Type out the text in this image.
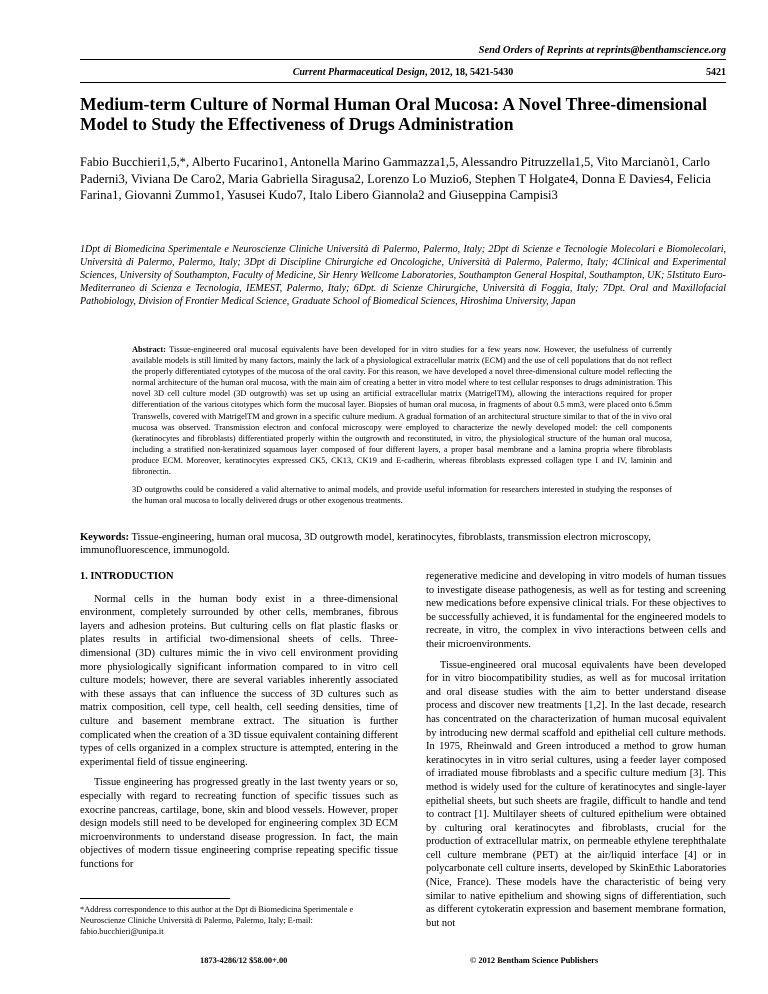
Send Orders of Reprints at reprints@benthamscience.org
Current Pharmaceutical Design, 2012, 18, 5421-5430	5421
Medium-term Culture of Normal Human Oral Mucosa: A Novel Three-dimensional Model to Study the Effectiveness of Drugs Administration
Fabio Bucchieri1,5,*, Alberto Fucarino1, Antonella Marino Gammazza1,5, Alessandro Pitruzzella1,5, Vito Marcianò1, Carlo Paderni3, Viviana De Caro2, Maria Gabriella Siragusa2, Lorenzo Lo Muzio6, Stephen T Holgate4, Donna E Davies4, Felicia Farina1, Giovanni Zummo1, Yasusei Kudo7, Italo Libero Giannola2 and Giuseppina Campisi3
1Dpt di Biomedicina Sperimentale e Neuroscienze Cliniche Università di Palermo, Palermo, Italy; 2Dpt di Scienze e Tecnologie Molecolari e Biomolecolari, Università di Palermo, Palermo, Italy; 3Dpt di Discipline Chirurgiche ed Oncologiche, Università di Palermo, Palermo, Italy; 4Clinical and Experimental Sciences, University of Southampton, Faculty of Medicine, Sir Henry Wellcome Laboratories, Southampton General Hospital, Southampton, UK; 5Istituto Euro-Mediterraneo di Scienza e Tecnologia, IEMEST, Palermo, Italy; 6Dpt. di Scienze Chirurgiche, Università di Foggia, Italy; 7Dpt. Oral and Maxillofacial Pathobiology, Division of Frontier Medical Science, Graduate School of Biomedical Sciences, Hiroshima University, Japan

Abstract: Tissue-engineered oral mucosal equivalents have been developed for in vitro studies for a few years now. However, the usefulness of currently available models is still limited by many factors, mainly the lack of a physiological extracellular matrix (ECM) and the use of cell populations that do not reflect the properly differentiated cytotypes of the mucosa of the oral cavity. For this reason, we have developed a novel three-dimensional culture model reflecting the normal architecture of the human oral mucosa, with the main aim of creating a better in vitro model where to test cellular responses to drugs administration. This novel 3D cell culture model (3D outgrowth) was set up using an artificial extracellular matrix (MatrigelTM), allowing the interactions required for proper differentiation of the various citotypes which form the mucosal layer. Biopsies of human oral mucosa, in fragments of about 0.5 mm3, were placed onto 6.5mm Transwells, covered with MatrigelTM and grown in a specific culture medium. A gradual formation of an architectural structure similar to that of the in vivo oral mucosa was observed. Transmission electron and confocal microscopy were employed to characterize the newly developed model: the cell components (keratinocytes and fibroblasts) differentiated properly within the outgrowth and reconstituted, in vitro, the physiological structure of the human oral mucosa, including a stratified non-keratinized squamous layer composed of four different layers, a proper basal membrane and a lamina propria where fibroblasts produce ECM. Moreover, keratinocytes expressed CK5, CK13, CK19 and E-cadherin, whereas fibroblasts expressed collagen type I and IV, laminin and fibronectin.

3D outgrowths could be considered a valid alternative to animal models, and provide useful information for researchers interested in studying the responses of the human oral mucosa to locally delivered drugs or other exogenous treatments.

Keywords: Tissue-engineering, human oral mucosa, 3D outgrowth model, keratinocytes, fibroblasts, transmission electron microscopy, immunofluorescence, immunogold.

1. INTRODUCTION

Normal cells in the human body exist in a three-dimensional environment, completely surrounded by other cells, membranes, fibrous layers and adhesion proteins. But culturing cells on flat plastic flasks or plates results in artificial two-dimensional sheets of cells. Three-dimensional (3D) cultures mimic the in vivo cell environment providing more physiologically significant information compared to in vitro cell culture models; however, there are several variables inherently associated with these assays that can influence the success of 3D cultures such as matrix composition, cell type, cell health, cell seeding densities, time of culture and basement membrane extract. The situation is further complicated when the creation of a 3D tissue equivalent containing different types of cells organized in a complex structure is attempted, entering in the experimental field of tissue engineering.

Tissue engineering has progressed greatly in the last twenty years or so, especially with regard to recreating function of specific tissues such as exocrine pancreas, cartilage, bone, skin and blood vessels. However, proper design models still need to be developed for engineering complex 3D ECM microenvironments to understand disease progression. In fact, the main objectives of modern tissue engineering comprise repeating specific tissue functions for

regenerative medicine and developing in vitro models of human tissues to investigate disease pathogenesis, as well as for testing and screening new medications before expensive clinical trials. For these objectives to be successfully achieved, it is fundamental for the engineered models to recreate, in vitro, the complex in vivo interactions between cells and their microenvironments.

Tissue-engineered oral mucosal equivalents have been developed for in vitro biocompatibility studies, as well as for mucosal irritation and oral disease studies with the aim to better understand disease process and discover new treatments [1,2]. In the last decade, research has concentrated on the characterization of human mucosal equivalent by introducing new dermal scaffold and epithelial cell culture methods. In 1975, Rheinwald and Green introduced a method to grow human keratinocytes in in vitro serial cultures, using a feeder layer composed of irradiated mouse fibroblasts and a specific culture medium [3]. This method is widely used for the culture of keratinocytes and single-layer epithelial sheets, but such sheets are fragile, difficult to handle and tend to contract [1]. Multilayer sheets of cultured epithelium were obtained by culturing oral keratinocytes and fibroblasts, crucial for the production of extracellular matrix, on permeable ethylene terephthalate cell culture membrane (PET) at the air/liquid interface [4] or in polycarbonate cell culture inserts, developed by SkinEthic Laboratories (Nice, France). These models have the characteristic of being very similar to native epithelium and showing signs of differentiation, such as different cytokeratin expression and basement membrane formation, but not

*Address correspondence to this author at the Dpt di Biomedicina Sperimentale e Neuroscienze Cliniche Università di Palermo, Palermo, Italy; E-mail: fabio.bucchieri@unipa.it
1873-4286/12 $58.00+.00	© 2012 Bentham Science Publishers
